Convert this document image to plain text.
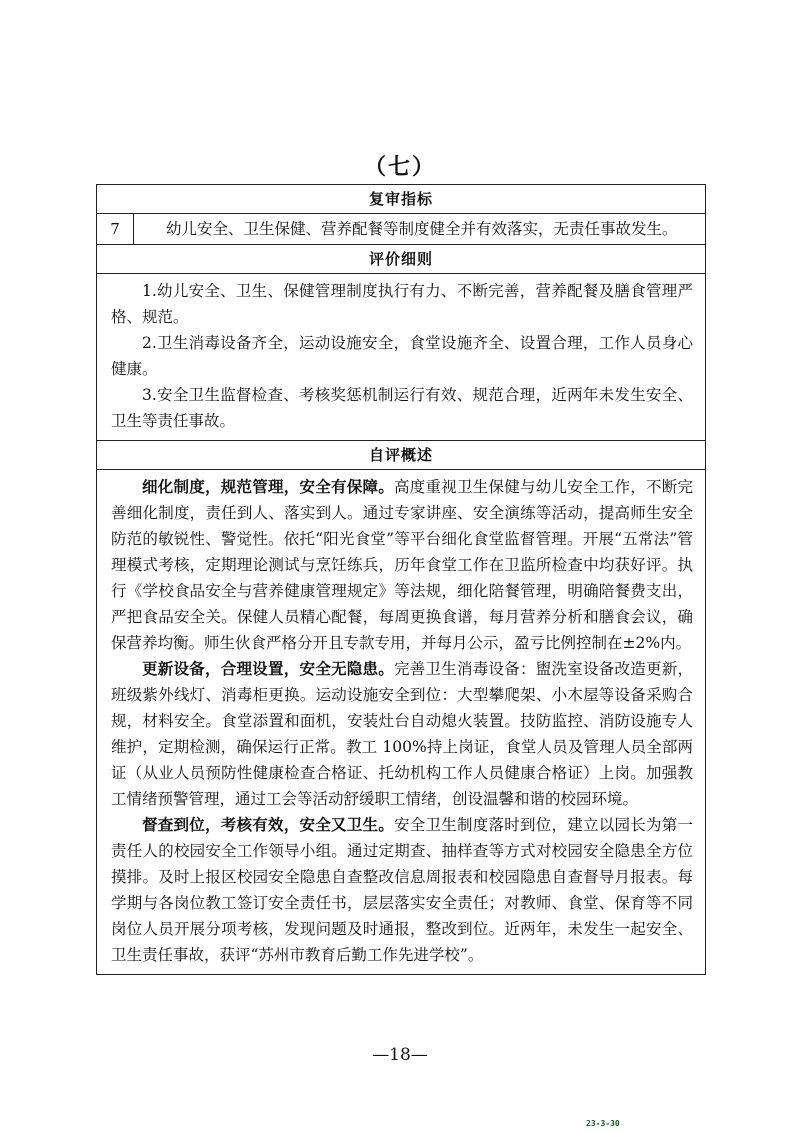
（七）
复审指标
7	幼儿安全、卫生保健、营养配餐等制度健全并有效落实，无责任事故发生。
评价细则

1.幼儿安全、卫生、保健管理制度执行有力、不断完善，营养配餐及膳食管理严格、规范。

2.卫生消毒设备齐全，运动设施安全，食堂设施齐全、设置合理，工作人员身心健康。

3.安全卫生监督检查、考核奖惩机制运行有效、规范合理，近两年未发生安全、卫生等责任事故。

自评概述

细化制度，规范管理，安全有保障。高度重视卫生保健与幼儿安全工作，不断完善细化制度，责任到人、落实到人。通过专家讲座、安全演练等活动，提高师生安全防范的敏锐性、警觉性。依托“阳光食堂”等平台细化食堂监督管理。开展“五常法”管理模式考核，定期理论测试与烹饪练兵，历年食堂工作在卫监所检查中均获好评。执行《学校食品安全与营养健康管理规定》等法规，细化陪餐管理，明确陪餐费支出，严把食品安全关。保健人员精心配餐，每周更换食谱，每月营养分析和膳食会议，确保营养均衡。师生伙食严格分开且专款专用，并每月公示，盈亏比例控制在±2%内。

更新设备，合理设置，安全无隐患。完善卫生消毒设备：盥洗室设备改造更新，班级紫外线灯、消毒柜更换。运动设施安全到位：大型攀爬架、小木屋等设备采购合规，材料安全。食堂添置和面机，安装灶台自动熄火装置。技防监控、消防设施专人维护，定期检测，确保运行正常。教工 100%持上岗证，食堂人员及管理人员全部两证（从业人员预防性健康检查合格证、托幼机构工作人员健康合格证）上岗。加强教工情绪预警管理，通过工会等活动舒缓职工情绪，创设温馨和谐的校园环境。

督查到位，考核有效，安全又卫生。安全卫生制度落时到位，建立以园长为第一责任人的校园安全工作领导小组。通过定期查、抽样查等方式对校园安全隐患全方位摸排。及时上报区校园安全隐患自查整改信息周报表和校园隐患自查督导月报表。每学期与各岗位教工签订安全责任书，层层落实安全责任；对教师、食堂、保育等不同岗位人员开展分项考核，发现问题及时通报，整改到位。近两年，未发生一起安全、卫生责任事故，获评“苏州市教育后勤工作先进学校”。

—18—
23-3-30
